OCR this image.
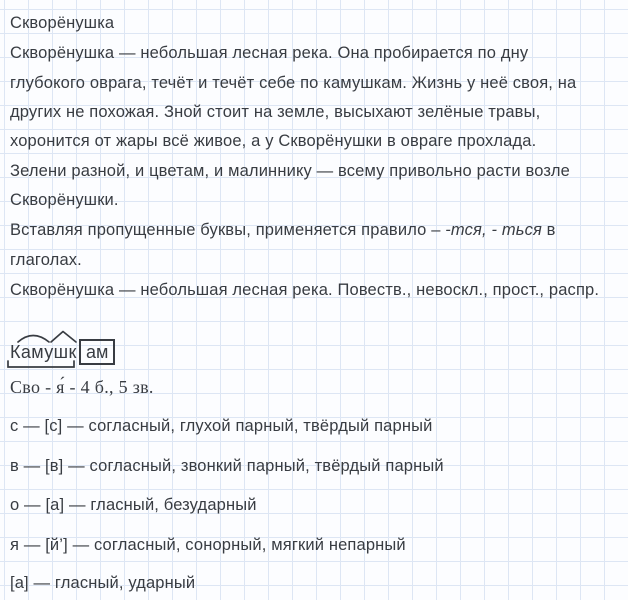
Скворёнушка
Скворёнушка — небольшая лесная река. Она пробирается по дну
глубокого оврага, течёт и течёт себе по камушкам. Жизнь у неё своя, на
других не похожая. Зной стоит на земле, высыхают зелёные травы,
хоронится от жары всё живое, а у Скворёнушки в овраге прохлада.
Зелени разной, и цветам, и малиннику — всему привольно расти возле
Скворёнушки.
Вставляя пропущенные буквы, применяется правило – -тся, - ться в
глаголах.
Скворёнушка — небольшая лесная река. Повеств., невоскл., прост., распр.
Камушк ам
Сво - я́ - 4 б., 5 зв.
с — [с] — согласный, глухой парный, твёрдый парный
в — [в] — согласный, звонкий парный, твёрдый парный
о — [а] — гласный, безударный
я — [й’] — согласный, сонорный, мягкий непарный
[а] — гласный, ударный
